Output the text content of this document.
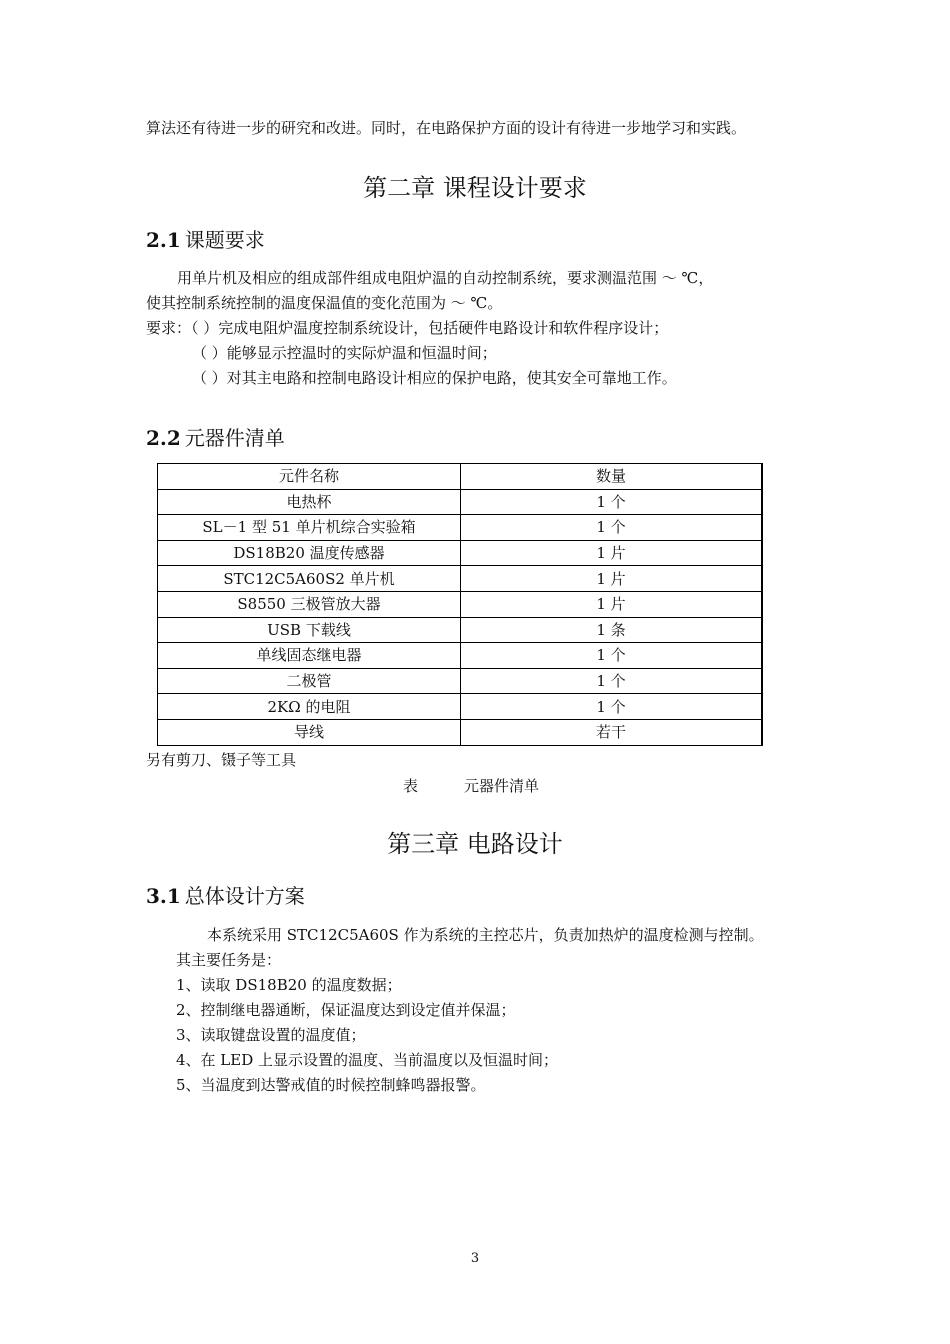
算法还有待进一步的研究和改进。同时，在电路保护方面的设计有待进一步地学习和实践。
第二章 课程设计要求
2.1 课题要求
用单片机及相应的组成部件组成电阻炉温的自动控制系统，要求测温范围 ～ ℃，
使其控制系统控制的温度保温值的变化范围为 ～ ℃。
要求：（ ）完成电阻炉温度控制系统设计，包括硬件电路设计和软件程序设计；
（ ）能够显示控温时的实际炉温和恒温时间；
（ ）对其主电路和控制电路设计相应的保护电路，使其安全可靠地工作。
2.2 元器件清单
元件名称	数量
电热杯	1 个
SL－1 型 51 单片机综合实验箱	1 个
DS18B20 温度传感器	1 片
STC12C5A60S2 单片机	1 片
S8550 三极管放大器	1 片
USB 下载线	1 条
单线固态继电器	1 个
二极管	1 个
2KΩ 的电阻	1 个
导线	若干
另有剪刀、镊子等工具
表	元器件清单
第三章 电路设计
3.1 总体设计方案
本系统采用 STC12C5A60S 作为系统的主控芯片，负责加热炉的温度检测与控制。
其主要任务是：
1、读取 DS18B20 的温度数据；
2、控制继电器通断，保证温度达到设定值并保温；
3、读取键盘设置的温度值；
4、在 LED 上显示设置的温度、当前温度以及恒温时间；
5、当温度到达警戒值的时候控制蜂鸣器报警。
3
